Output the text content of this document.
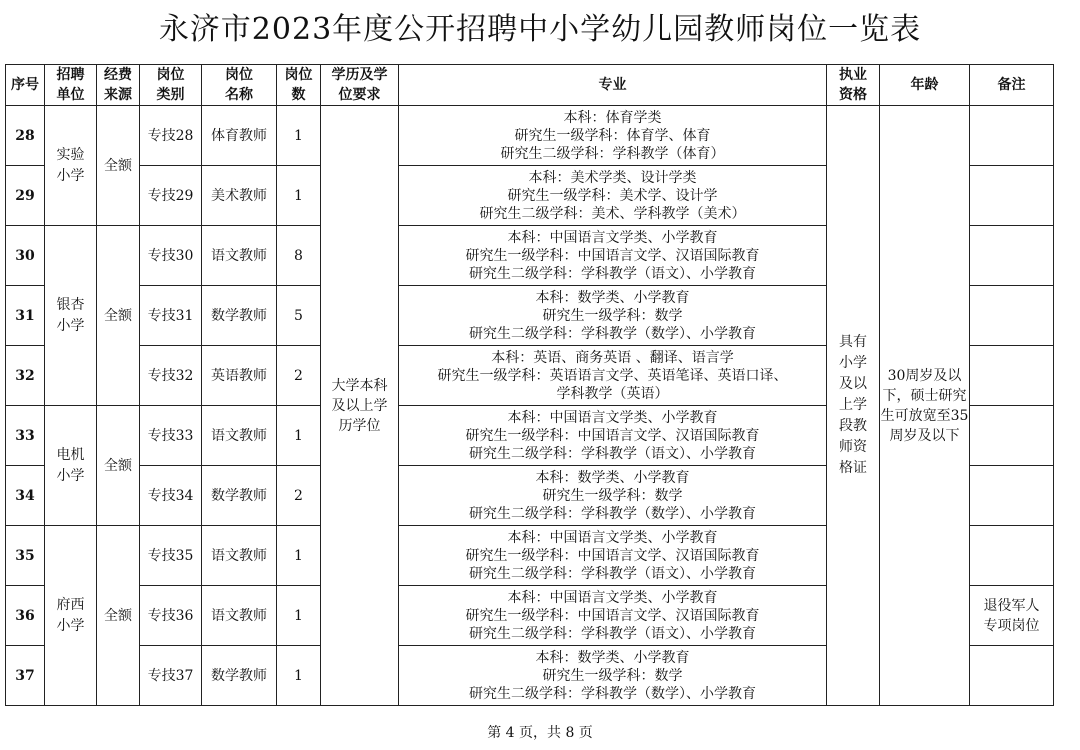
永济市2023年度公开招聘中小学幼儿园教师岗位一览表
序号	招聘单位	经费来源	岗位类别	岗位名称	岗位数	学历及学位要求	专业	执业资格	年龄	备注
28	实验小学	全额	专技28	体育教师	1	大学本科及以上学历学位	本科：体育学类
研究生一级学科：体育学、体育
研究生二级学科：学科教学（体育）	具有小学及以上学段教师资格证	30周岁及以下，硕士研究生可放宽至35周岁及以下	
29			专技29	美术教师	1		本科：美术学类、设计学类
研究生一级学科：美术学、设计学
研究生二级学科：美术、学科教学（美术）			

30	银杏小学	全额	专技30	语文教师	8		本科：中国语言文学类、小学教育
研究生一级学科：中国语言文学、汉语国际教育
研究生二级学科：学科教学（语文）、小学教育			

31			专技31	数学教师	5		本科：数学类、小学教育
研究生一级学科：数学
研究生二级学科：学科教学（数学）、小学教育			

32			专技32	英语教师	2		本科：英语、商务英语 、翻译、语言学
研究生一级学科：英语语言文学、英语笔译、英语口译、
学科教学（英语）			

33	电机小学	全额	专技33	语文教师	1		本科：中国语言文学类、小学教育
研究生一级学科：中国语言文学、汉语国际教育
研究生二级学科：学科教学（语文）、小学教育			

34			专技34	数学教师	2		本科：数学类、小学教育
研究生一级学科：数学
研究生二级学科：学科教学（数学）、小学教育			

35	府西小学	全额	专技35	语文教师	1		本科：中国语言文学类、小学教育
研究生一级学科：中国语言文学、汉语国际教育
研究生二级学科：学科教学（语文）、小学教育			

36			专技36	语文教师	1		本科：中国语言文学类、小学教育
研究生一级学科：中国语言文学、汉语国际教育
研究生二级学科：学科教学（语文）、小学教育			退役军人专项岗位
37			专技37	数学教师	1		本科：数学类、小学教育
研究生一级学科：数学
研究生二级学科：学科教学（数学）、小学教育			

第 4 页，共 8 页
